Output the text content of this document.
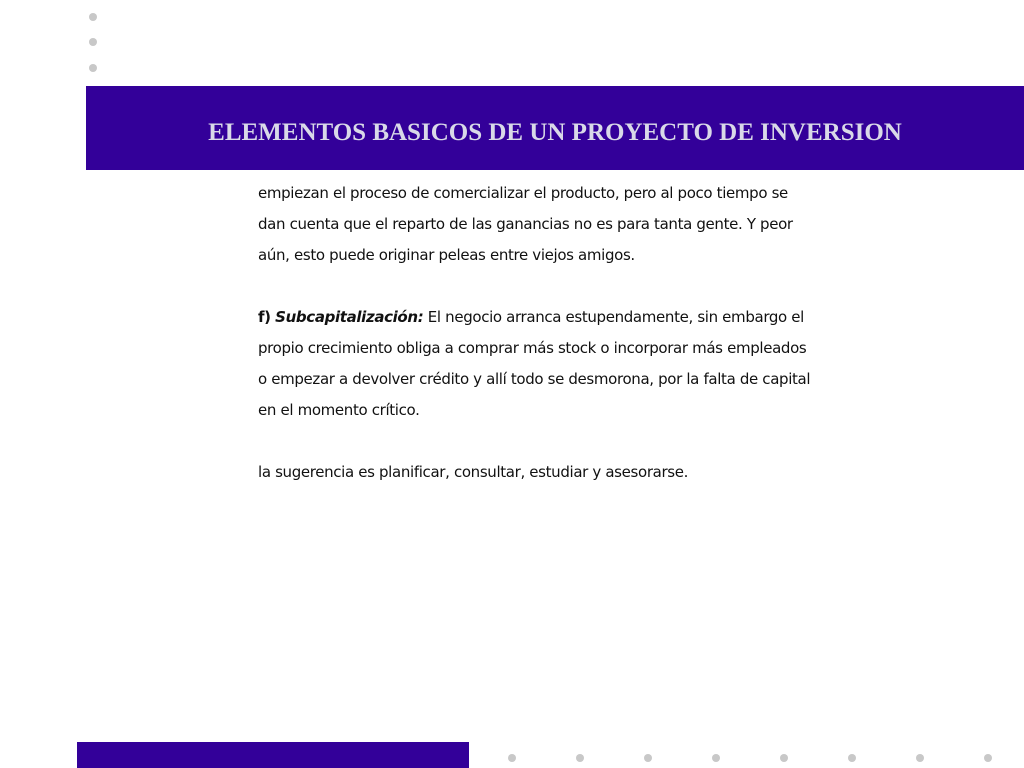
ELEMENTOS BASICOS DE UN PROYECTO DE INVERSION

empiezan el proceso de comercializar el producto, pero al poco tiempo se
dan cuenta que el reparto de las ganancias no es para tanta gente. Y peor
aún, esto puede originar peleas entre viejos amigos.

f) Subcapitalización: El negocio arranca estupendamente, sin embargo el
propio crecimiento obliga a comprar más stock o incorporar más empleados
o empezar a devolver crédito y allí todo se desmorona, por la falta de capital
en el momento crítico.

la sugerencia es planificar, consultar, estudiar y asesorarse.
